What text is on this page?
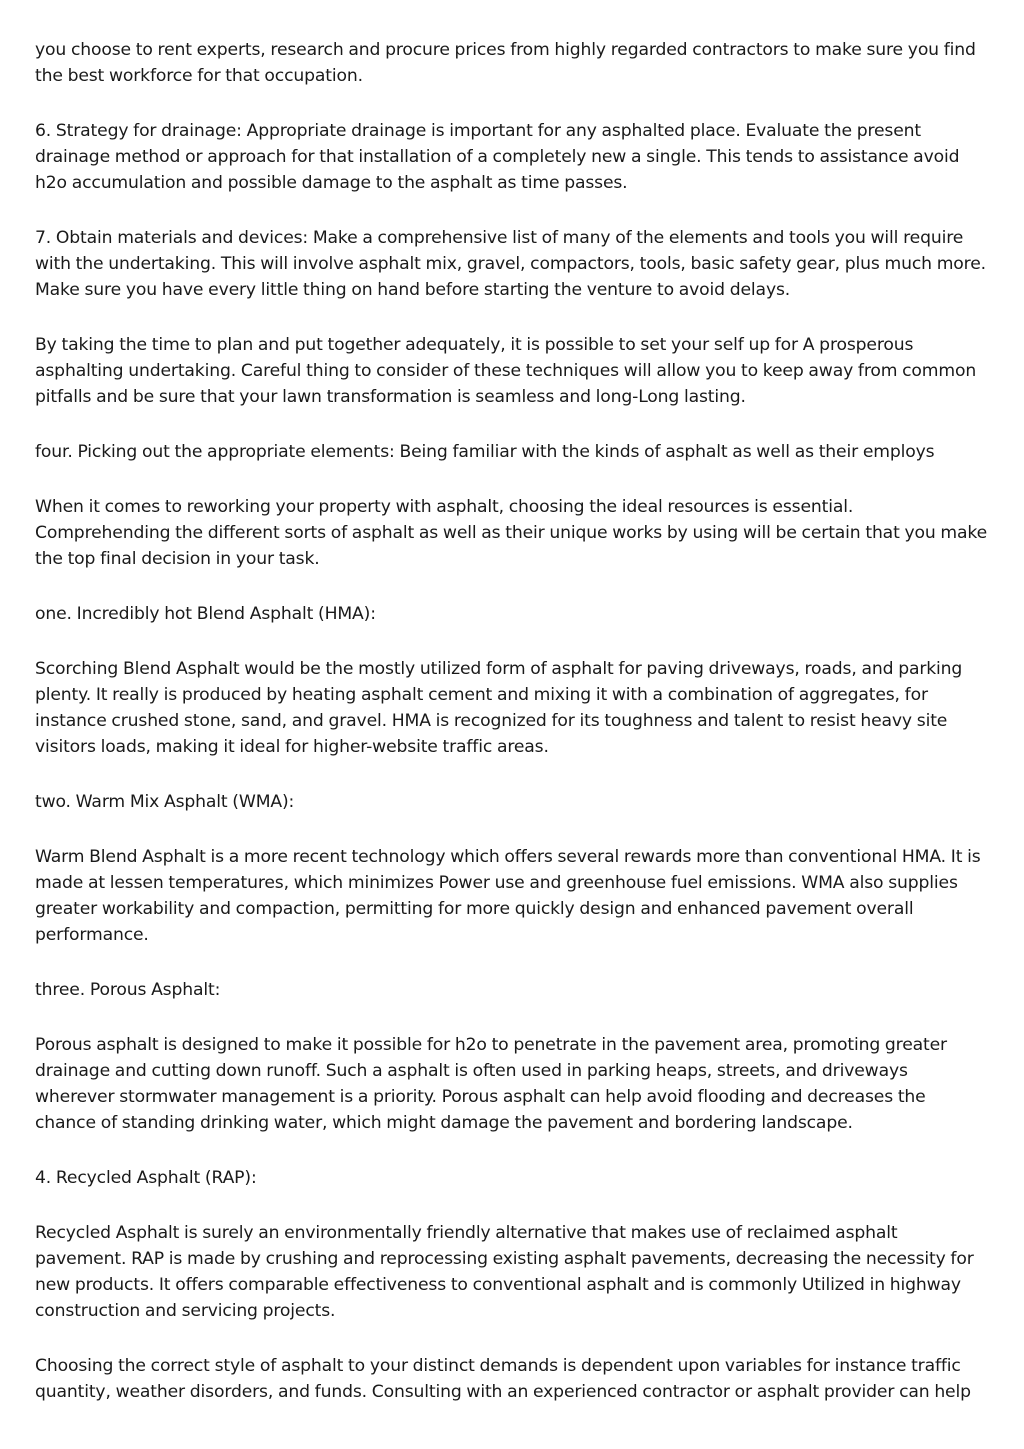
you choose to rent experts, research and procure prices from highly regarded contractors to make sure you find the best workforce for that occupation.

6. Strategy for drainage: Appropriate drainage is important for any asphalted place. Evaluate the present drainage method or approach for that installation of a completely new a single. This tends to assistance avoid h2o accumulation and possible damage to the asphalt as time passes.

7. Obtain materials and devices: Make a comprehensive list of many of the elements and tools you will require with the undertaking. This will involve asphalt mix, gravel, compactors, tools, basic safety gear, plus much more. Make sure you have every little thing on hand before starting the venture to avoid delays.

By taking the time to plan and put together adequately, it is possible to set your self up for A prosperous asphalting undertaking. Careful thing to consider of these techniques will allow you to keep away from common pitfalls and be sure that your lawn transformation is seamless and long-Long lasting.

four. Picking out the appropriate elements: Being familiar with the kinds of asphalt as well as their employs

When it comes to reworking your property with asphalt, choosing the ideal resources is essential. Comprehending the different sorts of asphalt as well as their unique works by using will be certain that you make the top final decision in your task.

one. Incredibly hot Blend Asphalt (HMA):

Scorching Blend Asphalt would be the mostly utilized form of asphalt for paving driveways, roads, and parking plenty. It really is produced by heating asphalt cement and mixing it with a combination of aggregates, for instance crushed stone, sand, and gravel. HMA is recognized for its toughness and talent to resist heavy site visitors loads, making it ideal for higher-website traffic areas.

two. Warm Mix Asphalt (WMA):

Warm Blend Asphalt is a more recent technology which offers several rewards more than conventional HMA. It is made at lessen temperatures, which minimizes Power use and greenhouse fuel emissions. WMA also supplies greater workability and compaction, permitting for more quickly design and enhanced pavement overall performance.

three. Porous Asphalt:

Porous asphalt is designed to make it possible for h2o to penetrate in the pavement area, promoting greater drainage and cutting down runoff. Such a asphalt is often used in parking heaps, streets, and driveways wherever stormwater management is a priority. Porous asphalt can help avoid flooding and decreases the chance of standing drinking water, which might damage the pavement and bordering landscape.

4. Recycled Asphalt (RAP):

Recycled Asphalt is surely an environmentally friendly alternative that makes use of reclaimed asphalt pavement. RAP is made by crushing and reprocessing existing asphalt pavements, decreasing the necessity for new products. It offers comparable effectiveness to conventional asphalt and is commonly Utilized in highway construction and servicing projects.

Choosing the correct style of asphalt to your distinct demands is dependent upon variables for instance traffic quantity, weather disorders, and funds. Consulting with an experienced contractor or asphalt provider can help
